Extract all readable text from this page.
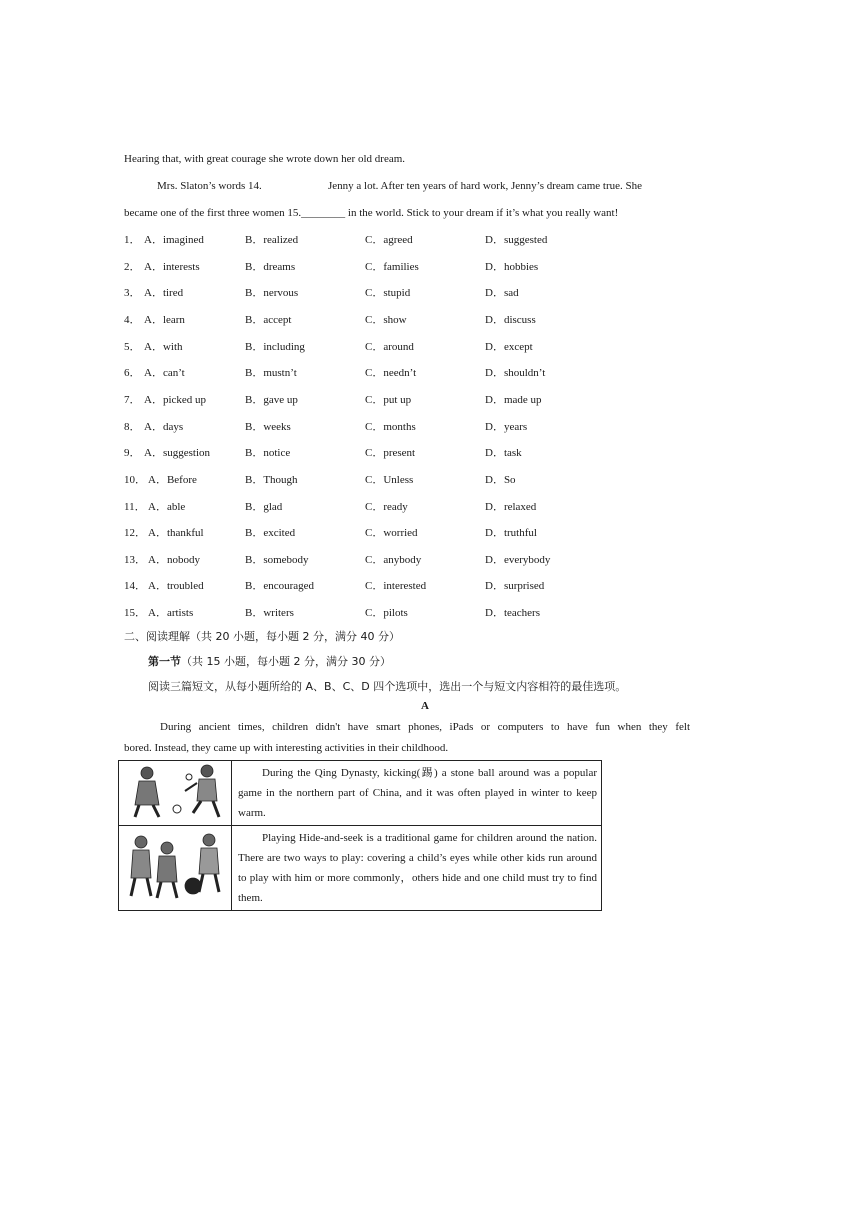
Hearing that, with great courage she wrote down her old dream.
Mrs. Slaton’s words 14.	Jenny a lot. After ten years of hard work, Jenny’s dream came true. She
became one of the first three women 15.________ in the world. Stick to your dream if it’s what you really want!
1． A．imagined	B．realized	C．agreed	D．suggested
2． A．interests	B．dreams	C．families	D．hobbies
3． A．tired	B．nervous	C．stupid	D．sad
4． A．learn	B．accept	C．show	D．discuss
5． A．with	B．including	C．around	D．except
6． A．can’t	B．mustn’t	C．needn’t	D．shouldn’t
7． A．picked up	B．gave up	C．put up	D．made up
8． A．days	B．weeks	C．months	D．years
9． A．suggestion	B．notice	C．present	D．task
10． A．Before	B．Though	C．Unless	D．So
11． A．able	B．glad	C．ready	D．relaxed
12． A．thankful	B．excited	C．worried	D．truthful
13． A．nobody	B．somebody	C．anybody	D．everybody
14． A．troubled	B．encouraged	C．interested	D．surprised
15． A．artists	B．writers	C．pilots	D．teachers
二、阅读理解（共 20 小题，每小题 2 分，满分 40 分）
第一节（共 15 小题，每小题 2 分，满分 30 分）
阅读三篇短文，从每小题所给的 A、B、C、D 四个选项中，选出一个与短文内容相符的最佳选项。
A
During ancient times, children didn't have smart phones, iPads or computers to have fun when they felt
bored. Instead, they came up with interesting activities in their childhood.

During the Qing Dynasty, kicking(踢) a stone ball around was a popular game in the northern part of China, and it was often played in winter to keep warm.

Playing Hide-and-seek is a traditional game for children around the nation. There are two ways to play: covering a child’s eyes while other kids run around to play with him or more commonly，others hide and one child must try to find them.
